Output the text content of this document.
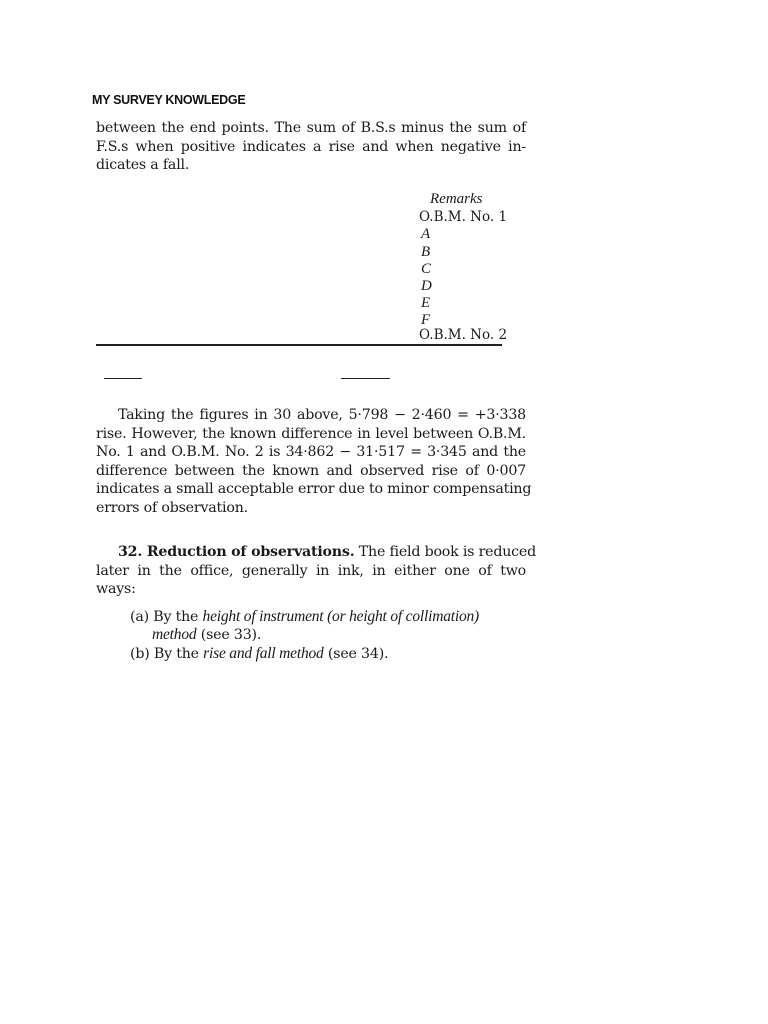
MY SURVEY KNOWLEDGE
between the end points. The sum of B.S.s minus the sum of
F.S.s when positive indicates a rise and when negative in-
dicates a fall.
Remarks
O.B.M. No. 1
A
B
C
D
E
F
O.B.M. No. 2
Taking the figures in 30 above, 5·798 − 2·460 = +3·338
rise. However, the known difference in level between O.B.M.
No. 1 and O.B.M. No. 2 is 34·862 − 31·517 = 3·345 and the
difference between the known and observed rise of 0·007
indicates a small acceptable error due to minor compensating
errors of observation.
32. Reduction of observations. The field book is reduced
later in the office, generally in ink, in either one of two
ways:
(a) By the height of instrument (or height of collimation)
method (see 33).
(b) By the rise and fall method (see 34).
